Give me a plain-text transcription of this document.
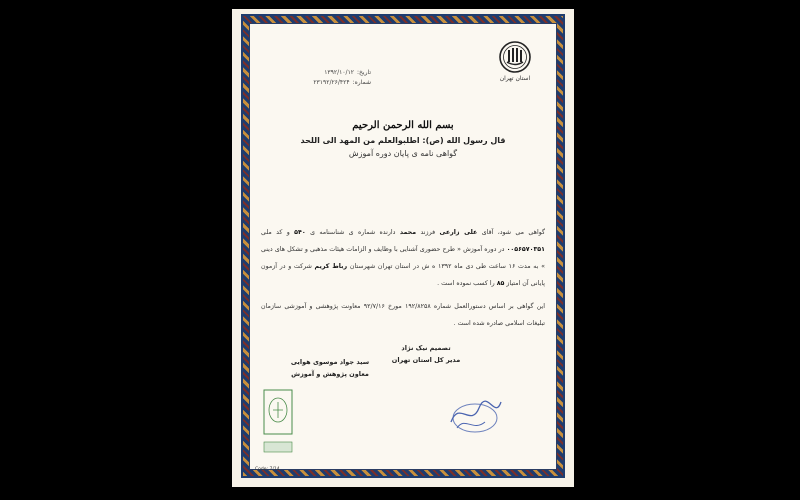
استان تهران
تاریخ:
۱۳۹۲/۱۰/۱۲
شماره:
۲۳۱۹۲/۲۶/۴۲۴
بسم الله الرحمن الرحیم
قال رسول الله (ص): اطلبوالعلم من المهد الی اللحد
گواهی نامه ی پایان دوره آموزش
گواهی می شود، آقای علی زارعی فرزند محمد دارنده شماره ی شناسنامه ی ۵۴۰ و کد ملی ۰۰۵۶۵۷۰۳۵۱ در دوره آموزش « طرح حضوری آشنایی با وظایف و الزامات هیئات مذهبی و تشکل های دینی » به مدت ۱۶ ساعت طی دی ماه ۱۳۹۲ ه ش در استان تهران شهرستان رباط کریم شرکت و در آزمون پایانی آن امتیاز ۸۵ را کسب نموده است .
این گواهی بر اساس دستورالعمل شماره ۱۹۲/۸۲۵۸ مورخ ۹۲/۷/۱۶ معاونت پژوهشی و آموزشی سازمان تبلیغات اسلامی صادره شده است .
تصمیم نیک نژاد
مدیر کل استان تهران
سید جواد موسوی هوایی
معاون پژوهش و آموزش
Code: 7/14
